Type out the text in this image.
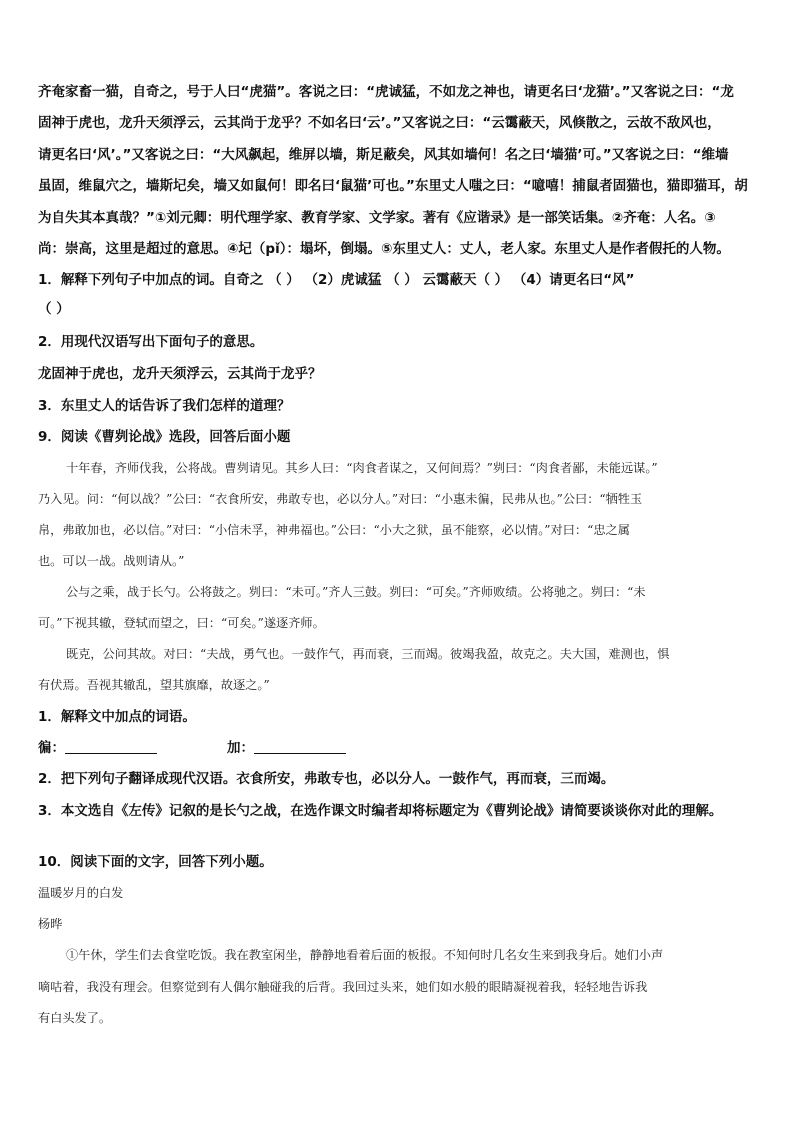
齐奄家畜一猫，自奇之，号于人曰“虎猫”。客说之曰：“虎诚猛，不如龙之神也，请更名曰‘龙猫’。”又客说之曰：“龙
固神于虎也，龙升天须浮云，云其尚于龙乎？不如名曰‘云’。”又客说之曰：“云霭蔽天，风倏散之，云故不敌风也，
请更名曰‘风’。”又客说之曰：“大风飙起，维屏以墙，斯足蔽矣，风其如墙何！名之曰‘墙猫’可。”又客说之曰：“维墙
虽固，维鼠穴之，墙斯圮矣，墙又如鼠何！即名曰‘鼠猫’可也。”东里丈人嗤之曰：“噫嘻！捕鼠者固猫也，猫即猫耳，胡
为自失其本真哉？”①刘元卿：明代理学家、教育学家、文学家。著有《应谐录》是一部笑话集。②齐奄：人名。③
尚：崇高，这里是超过的意思。④圮（pǐ）：塌坏，倒塌。⑤东里丈人：丈人，老人家。东里丈人是作者假托的人物。
1．解释下列句子中加点的词。自奇之 （ ） （2）虎诚猛 （ ） 云霭蔽天（ ） （4）请更名曰“风”
（ ）
2．用现代汉语写出下面句子的意思。
龙固神于虎也，龙升天须浮云，云其尚于龙乎？
3．东里丈人的话告诉了我们怎样的道理？
9．阅读《曹刿论战》选段，回答后面小题
十年春，齐师伐我，公将战。曹刿请见。其乡人曰：“肉食者谋之，又何间焉？”刿曰：“肉食者鄙，未能远谋。”
乃入见。问：“何以战？”公曰：“衣食所安，弗敢专也，必以分人。”对曰：“小惠未徧，民弗从也。”公曰：“牺牲玉
帛，弗敢加也，必以信。”对曰：“小信未孚，神弗福也。”公曰：“小大之狱，虽不能察，必以情。”对曰：“忠之属
也。可以一战。战则请从。”
公与之乘，战于长勺。公将鼓之。刿曰：“未可。”齐人三鼓。刿曰：“可矣。”齐师败绩。公将驰之。刿曰：“未
可。”下视其辙，登轼而望之，曰：“可矣。”遂逐齐师。
既克，公问其故。对曰：“夫战，勇气也。一鼓作气，再而衰，三而竭。彼竭我盈，故克之。夫大国，难测也，惧
有伏焉。吾视其辙乱，望其旗靡，故逐之。”
1．解释文中加点的词语。
徧：	加：
2．把下列句子翻译成现代汉语。衣食所安，弗敢专也，必以分人。一鼓作气，再而衰，三而竭。
3．本文选自《左传》记叙的是长勺之战，在选作课文时编者却将标题定为《曹刿论战》请简要谈谈你对此的理解。
10．阅读下面的文字，回答下列小题。
温暖岁月的白发
杨晔
①午休，学生们去食堂吃饭。我在教室闲坐，静静地看着后面的板报。不知何时几名女生来到我身后。她们小声
嘀咕着，我没有理会。但察觉到有人偶尔触碰我的后背。我回过头来，她们如水般的眼睛凝视着我，轻轻地告诉我
有白头发了。
